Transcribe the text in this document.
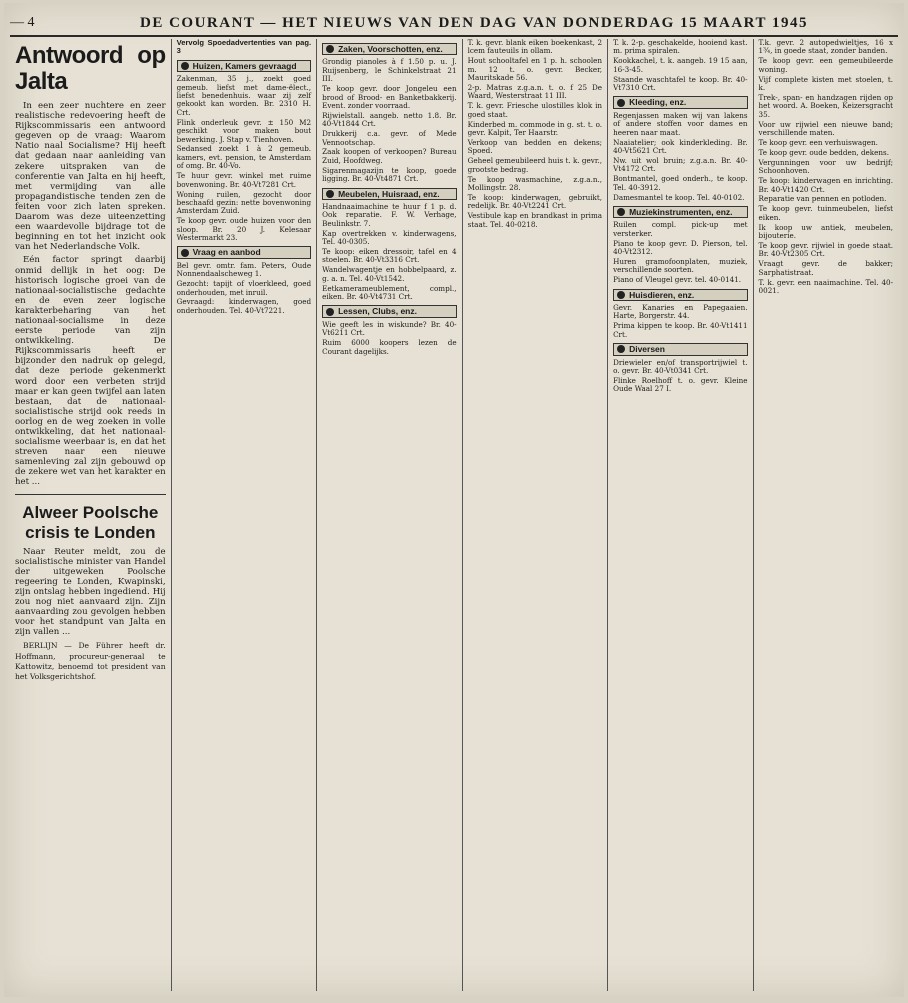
— 4	DE COURANT — HET NIEUWS VAN DEN DAG VAN DONDERDAG 15 MAART 1945
Antwoord op Jalta

In een zeer nuchtere en zeer realistische redevoering heeft de Rijkscommissaris een antwoord gegeven op de vraag: Waarom Natio naal Socialisme? Hij heeft dat gedaan naar aanleiding van zekere uitspraken van de conferentie van Jalta en hij heeft, met vermijding van alle propagandistische tenden zen de feiten voor zich laten spreken. Daarom was deze uiteenzetting een waardevolle bijdrage tot de beginning en tot het inzicht ook van het Nederlandsche Volk.

Eén factor springt daarbij onmid dellijk in het oog: De historisch logische groei van de nationaal-socialistische gedachte en de even zeer logische karakterbeharing van het nationaal-socialisme in deze eerste periode van zijn ontwikkeling. De Rijkscommissaris heeft er bijzonder den nadruk op gelegd, dat deze periode gekenmerkt word door een verbeten strijd maar er kan geen twijfel aan laten bestaan, dat de nationaal-socialistische strijd ook reeds in oorlog en de weg zoeken in volle ontwikkeling, dat het nationaal-socialisme weerbaar is, en dat het streven naar een nieuwe samenleving zal zijn gebouwd op de zekere wet van het karakter en het ...

Alweer Poolsche crisis te Londen

Naar Reuter meldt, zou de socialistische minister van Handel der uitgeweken Poolsche regeering te Londen, Kwapinski, zijn ontslag hebben ingediend. Hij zou nog niet aanvaard zijn. Zijn aanvaarding zou gevolgen hebben voor het standpunt van Jalta en zijn vallen ...

BERLIJN — De Führer heeft dr. Hoffmann, procureur-generaal te Kattowitz, benoemd tot president van het Volksgerichtshof.

Vervolg Spoedadvertenties van pag. 3
Huizen, Kamers gevraagd
Zakenman, 35 j., zoekt goed gemeub. liefst met dame-ëlect., liefst benedenhuis. waar zij zelf gekookt kan worden. Br. 2310 H. Crt.
Flink onderleuk gevr. ± 150 M2 geschikt voor maken bout bewerking. J. Stap v. Tienhoven.
Sedansed zoekt 1 à 2 gemeub. kamers, evt. pension, te Amsterdam of omg. Br. 40-Vo.
Te huur gevr. winkel met ruime bovenwoning. Br. 40-Vt7281 Crt.
Woning ruilen, gezocht door beschaafd gezin: nette bovenwoning Amsterdam Zuid.
Te koop gevr. oude huizen voor den sloop. Br. 20 J. Kelesaar Westermarkt 23.
Vraag en aanbod
Bel gevr. omtr. fam. Peters, Oude Nonnendaalscheweg 1.
Gezocht: tapijt of vloerkleed, goed onderhouden, met inruil.
Gevraagd: kinderwagen, goed onderhouden. Tel. 40-Vt7221.
Zaken, Voorschotten, enz.
Grondig pianoles à f 1.50 p. u. J. Ruijsenberg, le Schinkelstraat 21 III.
Te koop gevr. door Jongeleu een brood of Brood- en Banketbakkerij. Event. zonder voorraad.
Rijwielstall. aangeb. netto 1.8. Br. 40-Vt1844 Crt.
Drukkerij c.a. gevr. of Mede Vennootschap.
Zaak koopen of verkoopen? Bureau Zuid, Hoofdweg.
Sigarenmagazijn te koop, goede ligging. Br. 40-Vt4871 Crt.
Meubelen, Huisraad, enz.
Handnaaimachine te huur f 1 p. d. Ook reparatie. F. W. Verhage, Beulinkstr. 7.
Kap overtrekken v. kinderwagens, Tel. 40-0305.
Te koop: eiken dressoir, tafel en 4 stoelen. Br. 40-Vt3316 Crt.
Wandelwagentje en hobbelpaard, z. g. a. n. Tel. 40-Vt1542.
Eetkamerameublement, compl., eiken. Br. 40-Vt4731 Crt.
Lessen, Clubs, enz.
Wie geeft les in wiskunde? Br. 40-Vt6211 Crt.
Ruim 6000 koopers lezen de Courant dagelijks.
T. k. gevr. blank eiken boekenkast, 2 lcem fauteuils in ollam.
Hout schooltafel en 1 p. h. schoolen m. 12 t. o. gevr. Becker, Mauritskade 56.
2-p. Matras z.g.a.n. t. o. f 25 De Waard, Westerstraat 11 III.
T. k. gevr. Friesche ulostilles klok in goed staat.
Kinderbed m. commode in g. st. t. o. gevr. Kalpit, Ter Haarstr.
Verkoop van bedden en dekens; Spoed.
Geheel gemeubileerd huis t. k. gevr., grootste bedrag.
Te koop wasmachine, z.g.a.n., Mollingstr. 28.
Te koop: kinderwagen, gebruikt, redelijk. Br. 40-Vt2241 Crt.
Vestibule kap en brandkast in prima staat. Tel. 40-0218.
T. k. 2-p. geschakelde, hooiend kast. m. prima spiralen.
Kookkachel, t. k. aangeb. 19 15 aan, 16-3-45.
Staande waschtafel te koop. Br. 40-Vt7310 Crt.
Kleeding, enz.
Regenjassen maken wij van lakens of andere stoffen voor dames en heeren naar maat.
Naaiatelier; ook kinderkleding. Br. 40-Vt5621 Crt.
Nw. uit wol bruin; z.g.a.n. Br. 40-Vt4172 Crt.
Bontmantel, goed onderh., te koop. Tel. 40-3912.
Damesmantel te koop. Tel. 40-0102.
Muziekinstrumenten, enz.
Ruilen compl. pick-up met versterker.
Piano te koop gevr. D. Pierson, tel. 40-Vt2312.
Huren gramofoonplaten, muziek, verschillende soorten.
Piano of Vleugel gevr. tel. 40-0141.
Huisdieren, enz.
Gevr. Kanaries en Papegaaien. Harte, Borgerstr. 44.
Prima kippen te koop. Br. 40-Vt1411 Crt.
Diversen
Driewieler en/of transportrijwiel t. o. gevr. Br. 40-Vt0341 Crt.
Flinke Roelhoff t. o. gevr. Kleine Oude Waal 27 I.
T.k. gevr. 2 autopedwieltjes, 16 x 1¾, in goede staat, zonder banden.
Te koop gevr. een gemeubileerde woning.
Vijf complete kisten met stoelen, t. k.
Trek-, span- en handzagen rijden op het woord. A. Boeken, Keizersgracht 35.
Voor uw rijwiel een nieuwe band; verschillende maten.
Te koop gevr. een verhuiswagen.
Te koop gevr. oude bedden, dekens.
Vergunningen voor uw bedrijf; Schoonhoven.
Te koop: kinderwagen en inrichting. Br. 40-Vt1420 Crt.
Reparatie van pennen en potloden.
Te koop gevr. tuinmeubelen, liefst eiken.
Ik koop uw antiek, meubelen, bijouterie.
Te koop gevr. rijwiel in goede staat. Br. 40-Vt2305 Crt.
Vraagt gevr. de bakker; Sarphatistraat.
T. k. gevr. een naaimachine. Tel. 40-0021.
